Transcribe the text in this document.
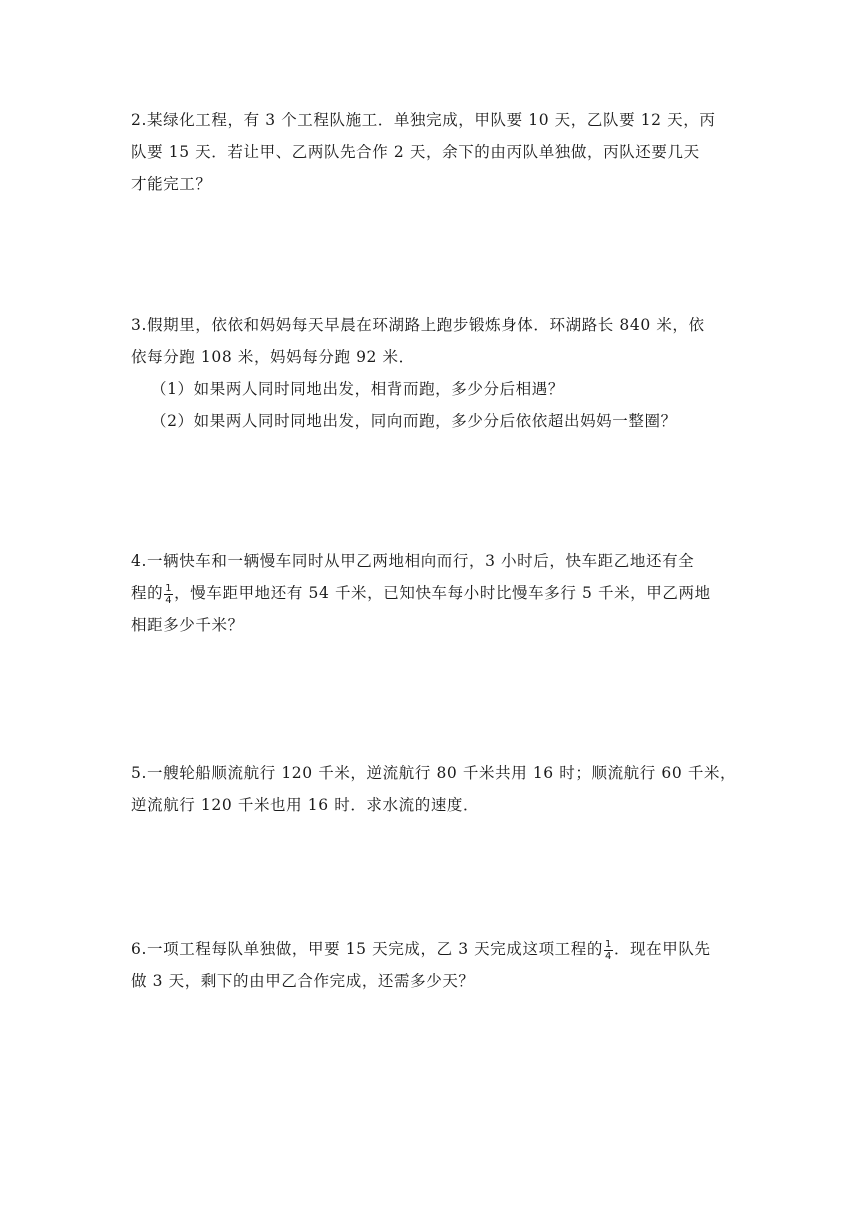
2.某绿化工程，有 3 个工程队施工．单独完成，甲队要 10 天，乙队要 12 天，丙
队要 15 天．若让甲、乙两队先合作 2 天，余下的由丙队单独做，丙队还要几天
才能完工？
3.假期里，依依和妈妈每天早晨在环湖路上跑步锻炼身体．环湖路长 840 米，依
依每分跑 108 米，妈妈每分跑 92 米．
（1）如果两人同时同地出发，相背而跑，多少分后相遇？
（2）如果两人同时同地出发，同向而跑，多少分后依依超出妈妈一整圈？
4.一辆快车和一辆慢车同时从甲乙两地相向而行，3 小时后，快车距乙地还有全
程的 $\frac{1}{4}$ ，慢车距甲地还有 54 千米，已知快车每小时比慢车多行 5 千米，甲乙两地
相距多少千米？
5.一艘轮船顺流航行 120 千米，逆流航行 80 千米共用 16 时；顺流航行 60 千米，
逆流航行 120 千米也用 16 时．求水流的速度．
6.一项工程每队单独做，甲要 15 天完成，乙 3 天完成这项工程的 $\frac{1}{4}$ ．现在甲队先
做 3 天，剩下的由甲乙合作完成，还需多少天？
